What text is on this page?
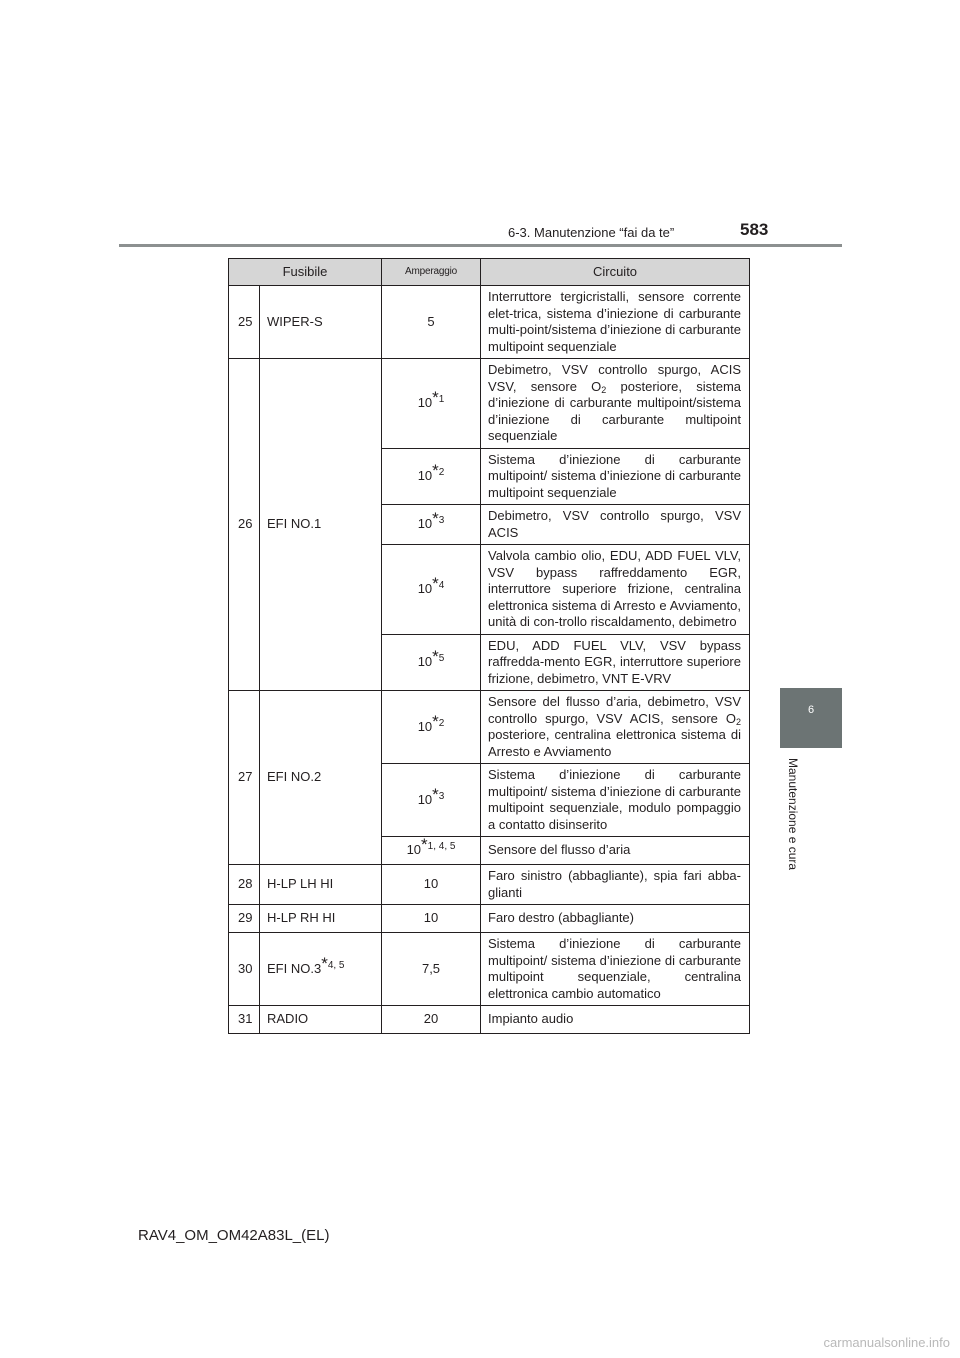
6-3. Manutenzione “fai da te”	583
6
Manutenzione e cura
Fusibile		Amperaggio	Circuito
25	WIPER-S	5	Interruttore tergicristalli, sensore corrente elet-trica, sistema d’iniezione di carburante multi-point/sistema d’iniezione di carburante multipoint sequenziale
26	EFI NO.1	10*$^1$	Debimetro, VSV controllo spurgo, ACIS VSV, sensore $O_2$ posteriore, sistema d’iniezione di carburante multipoint/sistema d’iniezione di carburante multipoint sequenziale
		10*$^2$	Sistema d’iniezione di carburante multipoint/ sistema d’iniezione di carburante multipoint sequenziale
		10*$^3$	Debimetro, VSV controllo spurgo, VSV ACIS
		10*$^4$	Valvola cambio olio, EDU, ADD FUEL VLV, VSV bypass raffreddamento EGR, interruttore superiore frizione, centralina elettronica sistema di Arresto e Avviamento, unità di con-trollo riscaldamento, debimetro
		10*$^5$	EDU, ADD FUEL VLV, VSV bypass raffredda-mento EGR, interruttore superiore frizione, debimetro, VNT E-VRV
27	EFI NO.2	10*$^2$	Sensore del flusso d’aria, debimetro, VSV controllo spurgo, VSV ACIS, sensore $O_2$ posteriore, centralina elettronica sistema di Arresto e Avviamento
		10*$^3$	Sistema d’iniezione di carburante multipoint/ sistema d’iniezione di carburante multipoint sequenziale, modulo pompaggio a contatto disinserito
		10*$^{1, 4, 5}$	Sensore del flusso d’aria
28	H-LP LH HI	10	Faro sinistro (abbagliante), spia fari abba-glianti
29	H-LP RH HI	10	Faro destro (abbagliante)
30	EFI NO.3*$^{4, 5}$	7,5	Sistema d’iniezione di carburante multipoint/ sistema d’iniezione di carburante multipoint sequenziale, centralina elettronica cambio automatico
31	RADIO	20	Impianto audio
RAV4_OM_OM42A83L_(EL)
carmanualsonline.info
